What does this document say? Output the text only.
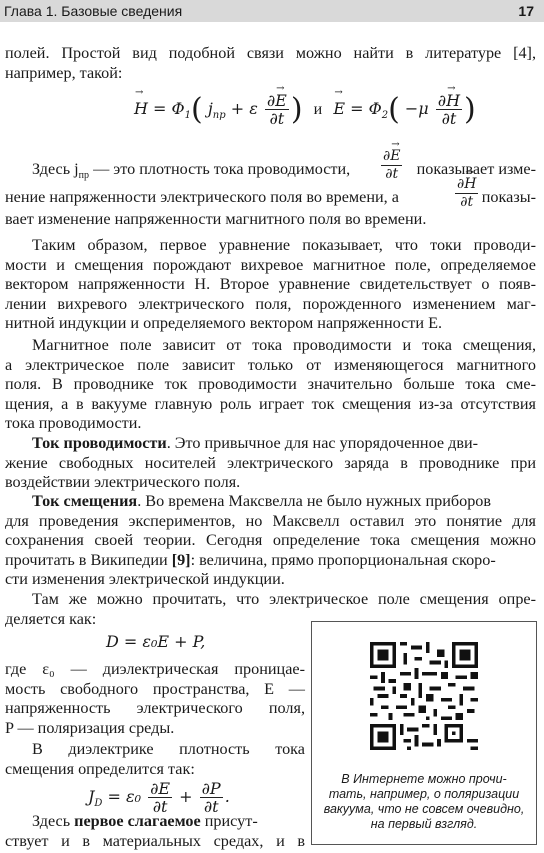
Глава 1. Базовые сведения	17
полей. Простой вид подобной связи можно найти в литературе [4],
например, такой:
→ $H = \Phi_1$( $j_{пр} + \varepsilon \frac{\partial\to E}{\partial t}$ ) $и \to E = \Phi_2( -\mu \frac{\partial\to H}{\partial t}$ )
Здесь $j_{пр}$ — это плотность тока проводимости, $\frac{\partial\to E}{\partial t}$ показывает изме-
нение напряженности электрического поля во времени, а	$\frac{\partial\to H}{\partial t}$ показы-
вает изменение напряженности магнитного поля во времени.
Таким образом, первое уравнение показывает, что токи проводи-
мости и смещения порождают вихревое магнитное поле, определяемое
вектором напряженности H. Второе уравнение свидетельствует о появ-
лении вихревого электрического поля, порожденного изменением маг-
нитной индукции и определяемого вектором напряженности E.
Магнитное поле зависит от тока проводимости и тока смещения,
а электрическое поле зависит только от изменяющегося магнитного
поля. В проводнике ток проводимости значительно больше тока сме-
щения, а в вакууме главную роль играет ток смещения из-за отсутствия
тока проводимости.
Ток проводимости. Это привычное для нас упорядоченное дви-
жение свободных носителей электрического заряда в проводнике при
воздействии электрического поля.
Ток смещения. Во времена Максвелла не было нужных приборов
для проведения экспериментов, но Максвелл оставил это понятие для
сохранения своей теории. Сегодня определение тока смещения можно
прочитать в Википедии [9]: величина, прямо пропорциональная скоро-
сти изменения электрической индукции.
Там же можно прочитать, что электрическое поле смещения опре-
деляется как:
D = ε₀E + P,
где ε₀ — диэлектрическая проницае-
мость свободного пространства, E —
напряженность электрического поля,
P — поляризация среды.
В диэлектрике плотность тока
смещения определится так:
$J_D = \varepsilon_0 \frac{\partial E}{\partial t} + \frac{\partial P}{\partial t}$ .
Здесь первое слагаемое присут-
ствует и в материальных средах, и в
В Интернете можно прочи-
тать, например, о поляризации
вакуума, что не совсем очевидно,
на первый взгляд.
